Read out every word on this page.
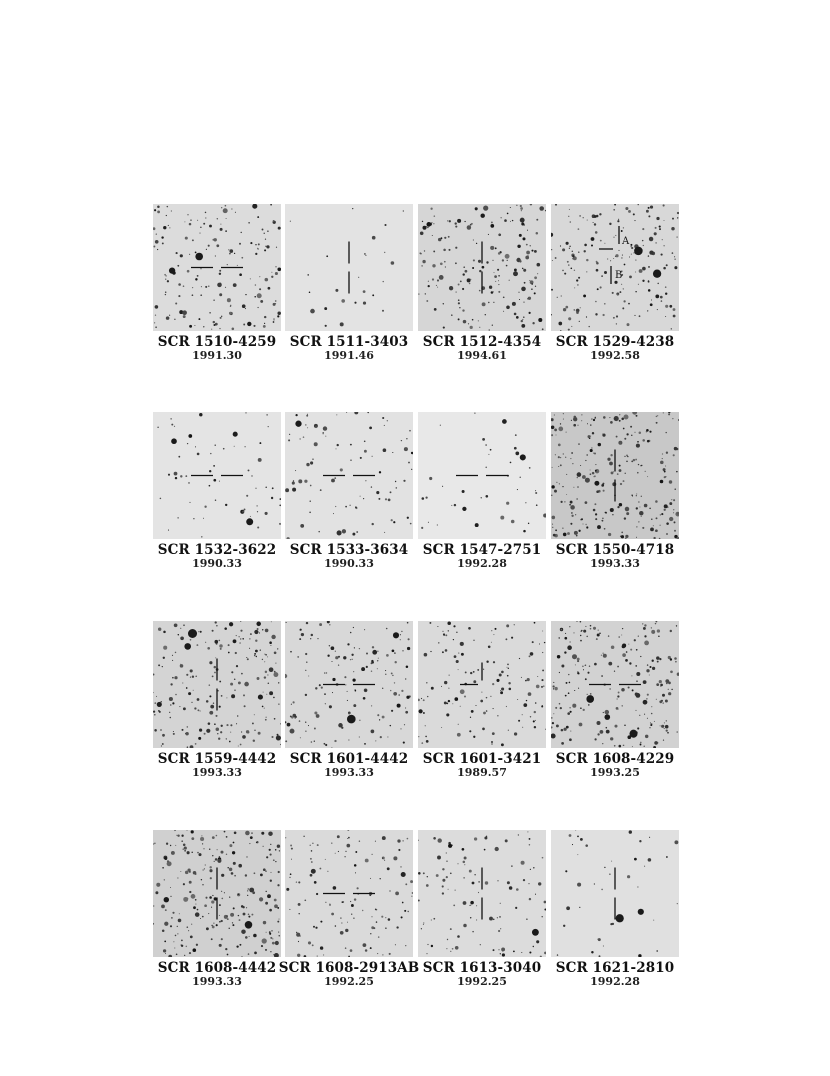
SCR 1510-4259
1991.30
SCR 1511-3403
1991.46
SCR 1512-4354
1994.61
A
B
SCR 1529-4238
1992.58
SCR 1532-3622
1990.33
SCR 1533-3634
1990.33
SCR 1547-2751
1992.28
SCR 1550-4718
1993.33
SCR 1559-4442
1993.33
SCR 1601-4442
1993.33
SCR 1601-3421
1989.57
SCR 1608-4229
1993.25
SCR 1608-4442
1993.33
SCR 1608-2913AB
1992.25
SCR 1613-3040
1992.25
SCR 1621-2810
1992.28
